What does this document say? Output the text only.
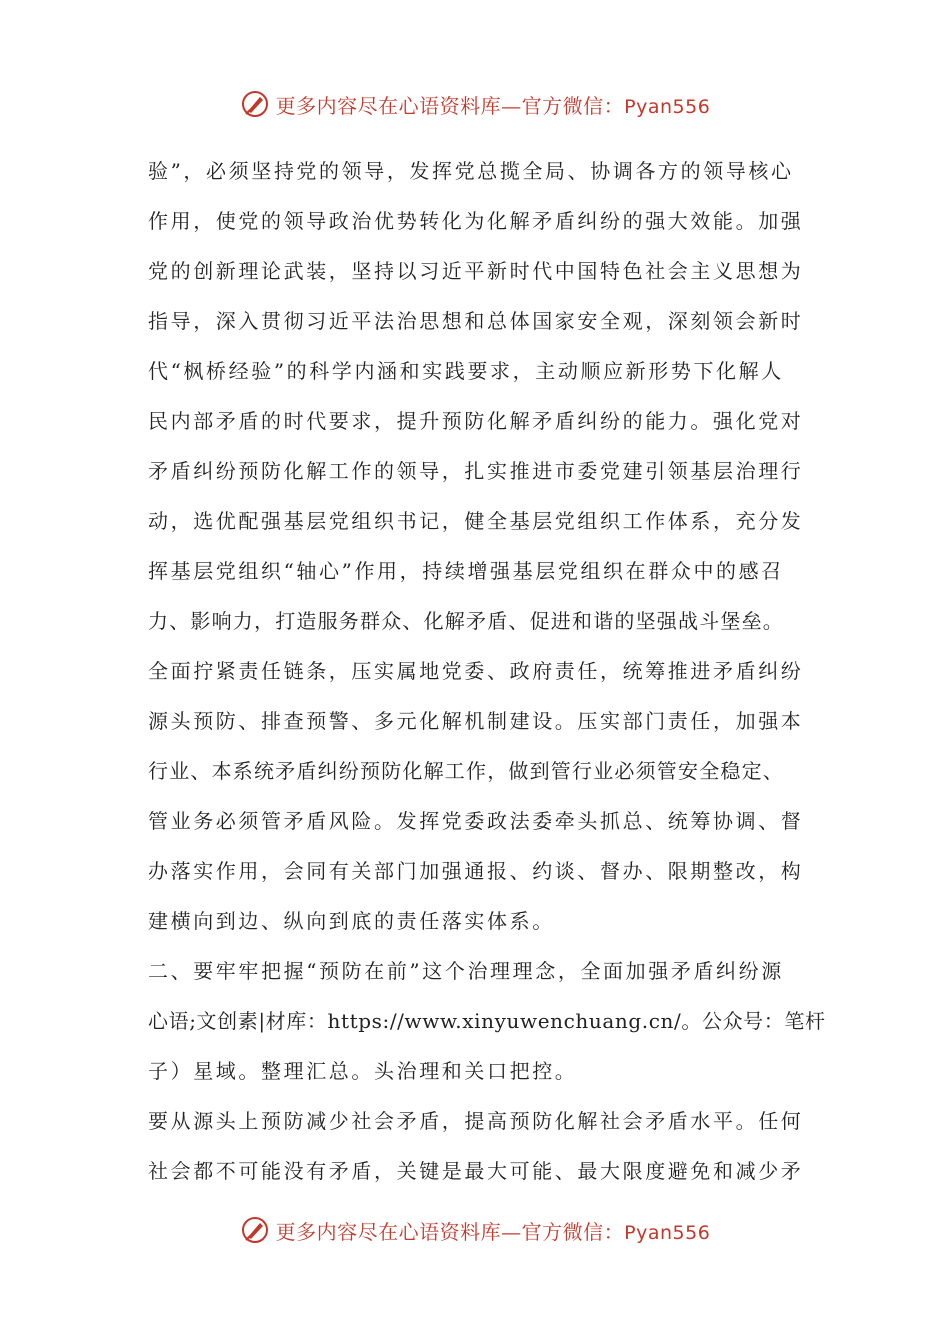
更多内容尽在心语资料库—官方微信：Pyan556
验”，必须坚持党的领导，发挥党总揽全局、协调各方的领导核心
作用，使党的领导政治优势转化为化解矛盾纠纷的强大效能。加强
党的创新理论武装，坚持以习近平新时代中国特色社会主义思想为
指导，深入贯彻习近平法治思想和总体国家安全观，深刻领会新时
代“枫桥经验”的科学内涵和实践要求，主动顺应新形势下化解人
民内部矛盾的时代要求，提升预防化解矛盾纠纷的能力。强化党对
矛盾纠纷预防化解工作的领导，扎实推进市委党建引领基层治理行
动，选优配强基层党组织书记，健全基层党组织工作体系，充分发
挥基层党组织“轴心”作用，持续增强基层党组织在群众中的感召
力、影响力，打造服务群众、化解矛盾、促进和谐的坚强战斗堡垒。
全面拧紧责任链条，压实属地党委、政府责任，统筹推进矛盾纠纷
源头预防、排查预警、多元化解机制建设。压实部门责任，加强本
行业、本系统矛盾纠纷预防化解工作，做到管行业必须管安全稳定、
管业务必须管矛盾风险。发挥党委政法委牵头抓总、统筹协调、督
办落实作用，会同有关部门加强通报、约谈、督办、限期整改，构
建横向到边、纵向到底的责任落实体系。
二、要牢牢把握“预防在前”这个治理理念，全面加强矛盾纠纷源
心语;文创素|材库：https://www.xinyuwenchuang.cn/。公众号：笔杆
子）星域。整理汇总。头治理和关口把控。
要从源头上预防减少社会矛盾，提高预防化解社会矛盾水平。任何
社会都不可能没有矛盾，关键是最大可能、最大限度避免和减少矛
更多内容尽在心语资料库—官方微信：Pyan556
